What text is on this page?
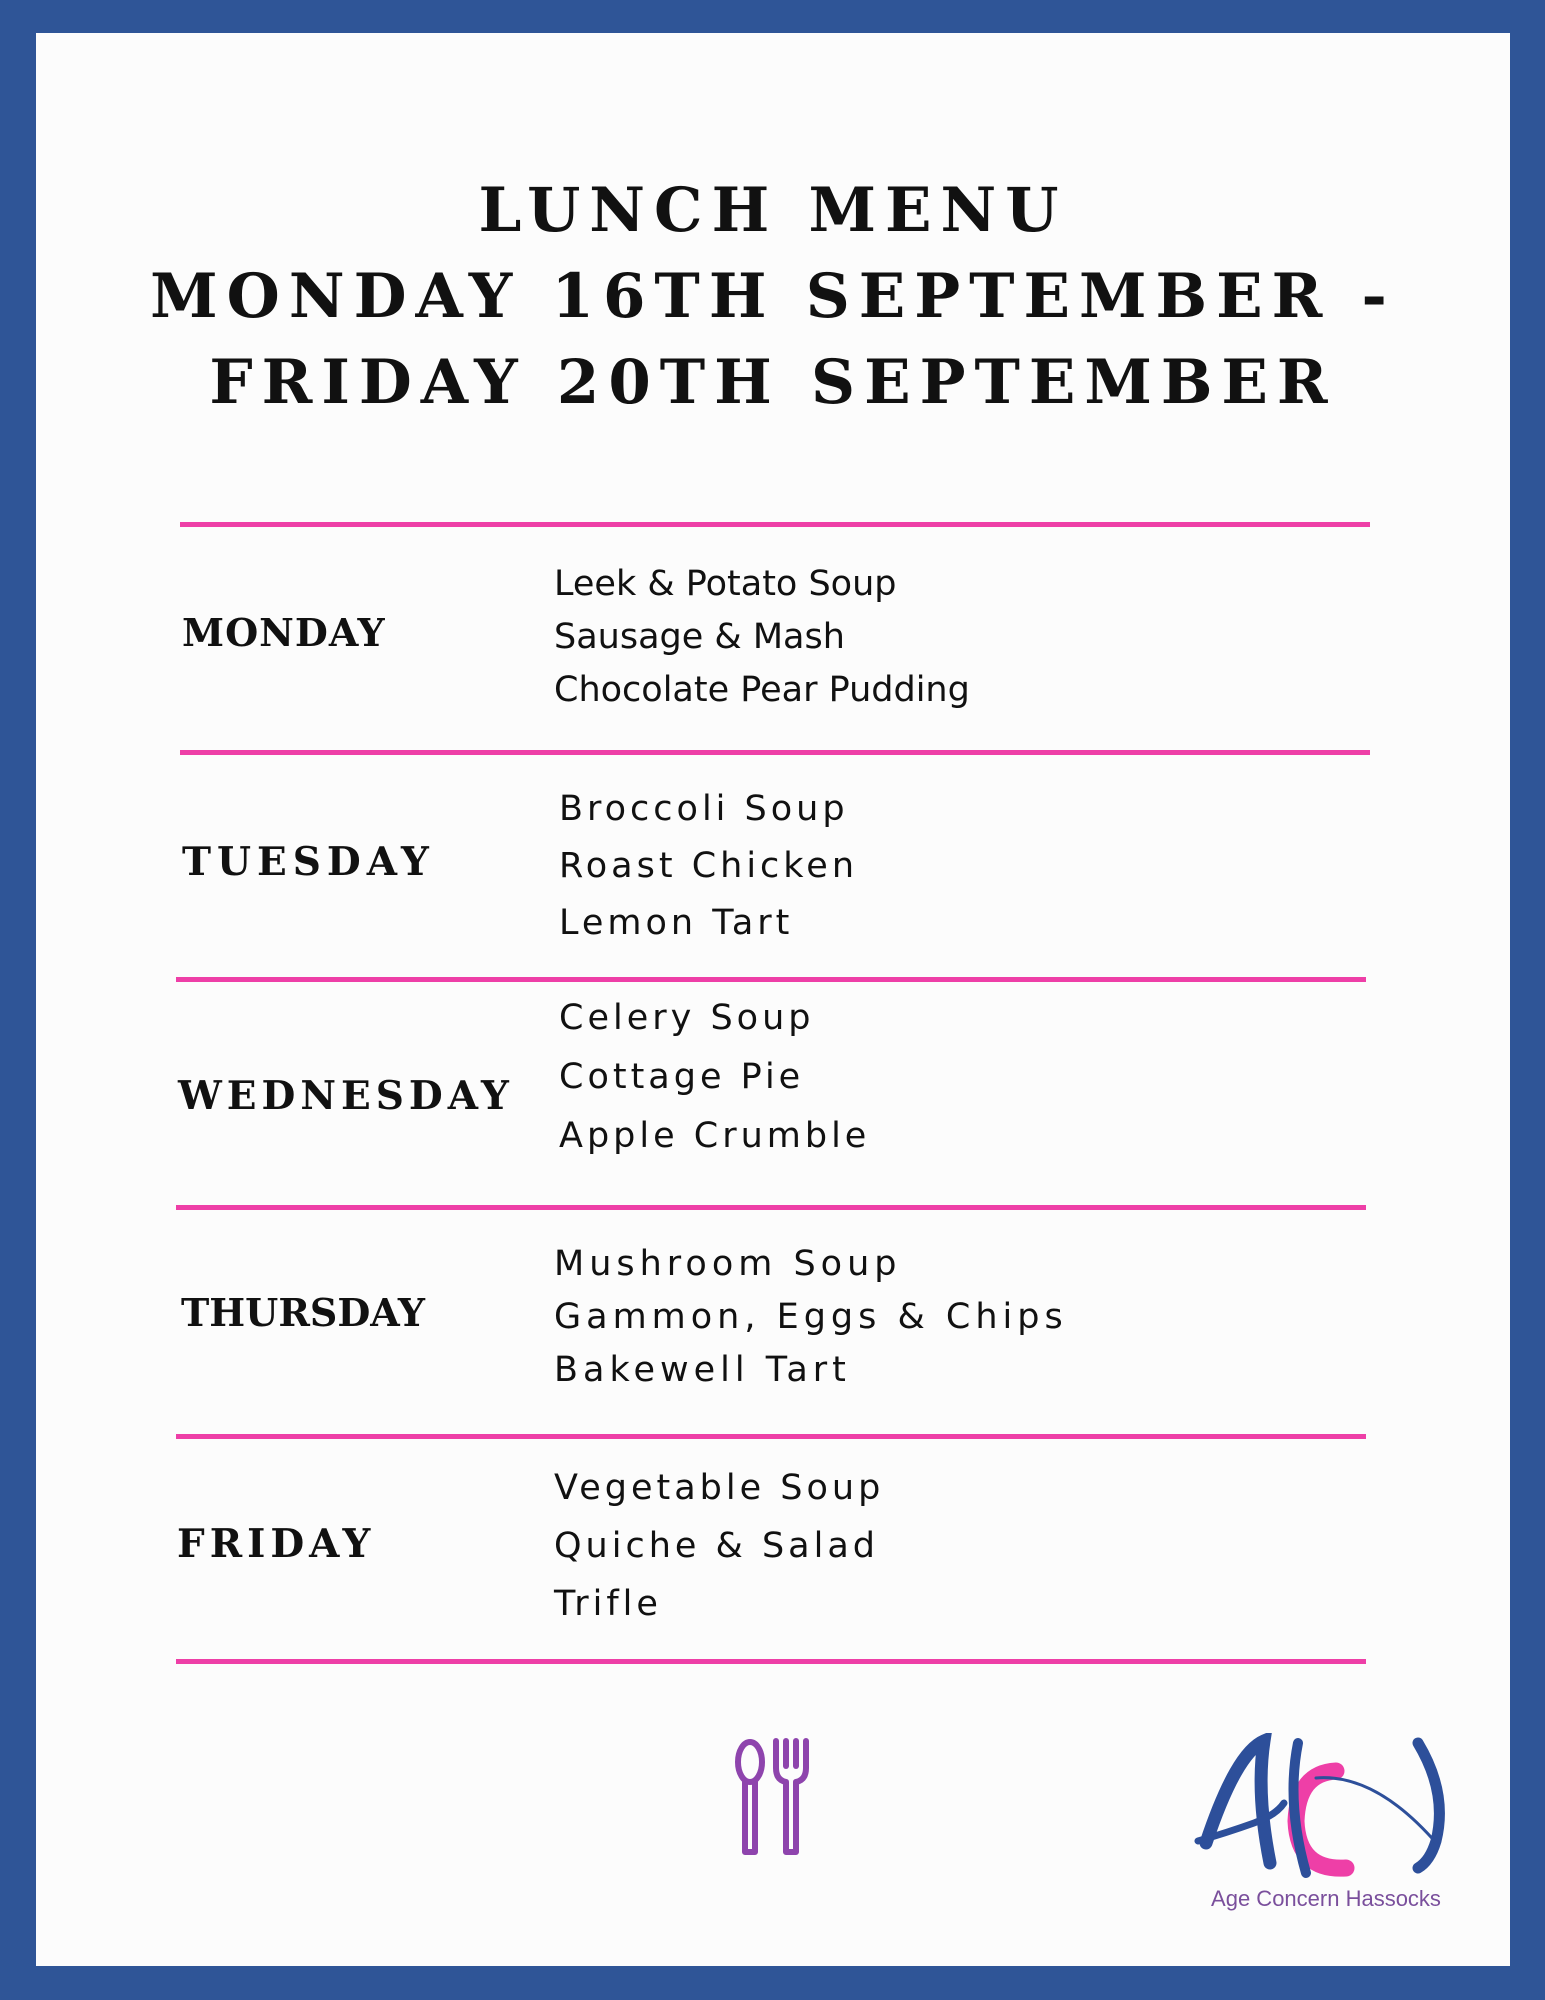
LUNCH MENU
MONDAY 16TH SEPTEMBER -
FRIDAY 20TH SEPTEMBER
MONDAY
Leek & Potato Soup
Sausage & Mash
Chocolate Pear Pudding
TUESDAY
Broccoli Soup
Roast Chicken
Lemon Tart
WEDNESDAY
Celery Soup
Cottage Pie
Apple Crumble
THURSDAY
Mushroom Soup
Gammon, Eggs & Chips
Bakewell Tart
FRIDAY
Vegetable Soup
Quiche & Salad
Trifle
Age Concern Hassocks
